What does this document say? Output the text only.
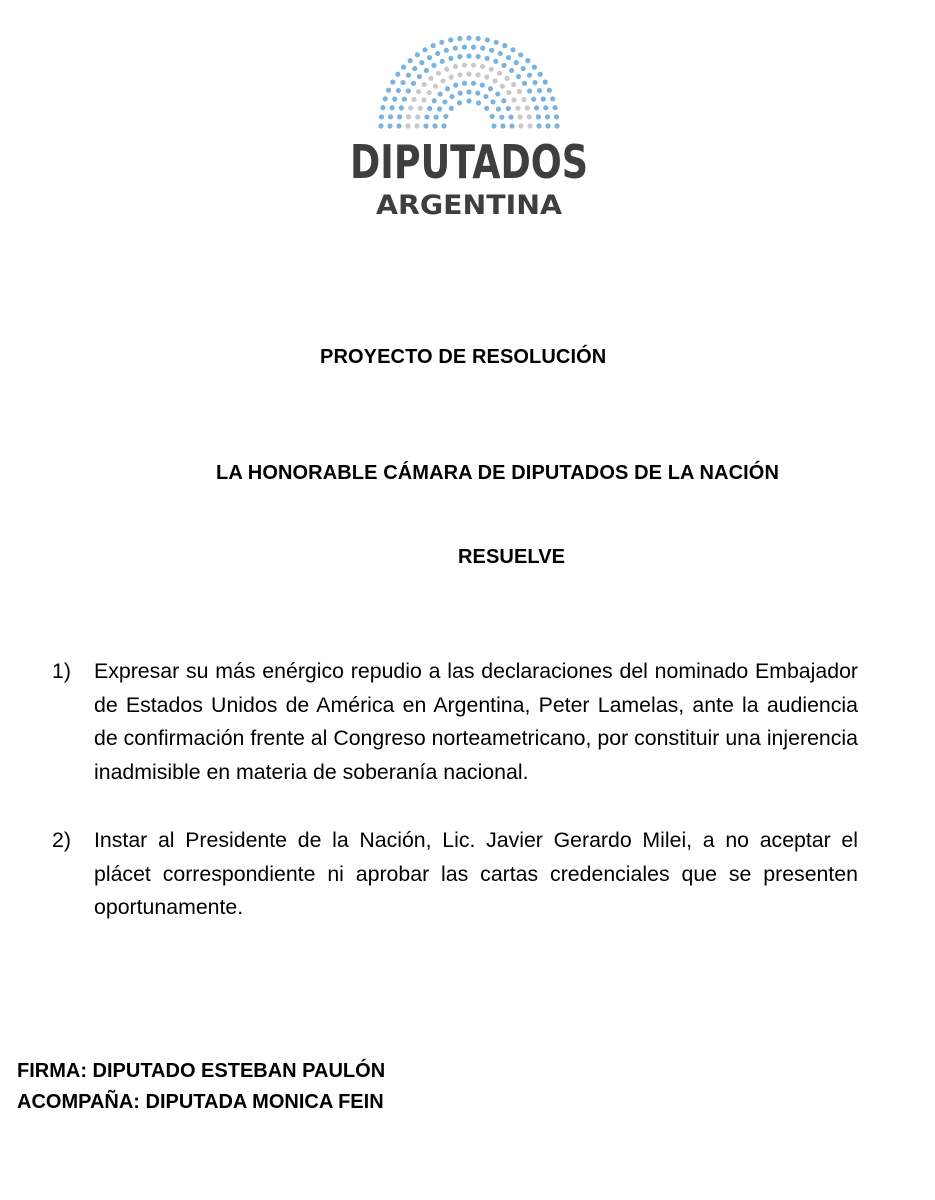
DIPUTADOS
ARGENTINA
PROYECTO DE RESOLUCIÓN
LA HONORABLE CÁMARA DE DIPUTADOS DE LA NACIÓN
RESUELVE
1) Expresar su más enérgico repudio a las declaraciones del nominado Embajador de Estados Unidos de América en Argentina, Peter Lamelas, ante la audiencia de confirmación frente al Congreso norteametricano, por constituir una injerencia inadmisible en materia de soberanía nacional.
2) Instar al Presidente de la Nación, Lic. Javier Gerardo Milei, a no aceptar el plácet correspondiente ni aprobar las cartas credenciales que se presenten oportunamente.
FIRMA: DIPUTADO ESTEBAN PAULÓN
ACOMPAÑA: DIPUTADA MONICA FEIN
